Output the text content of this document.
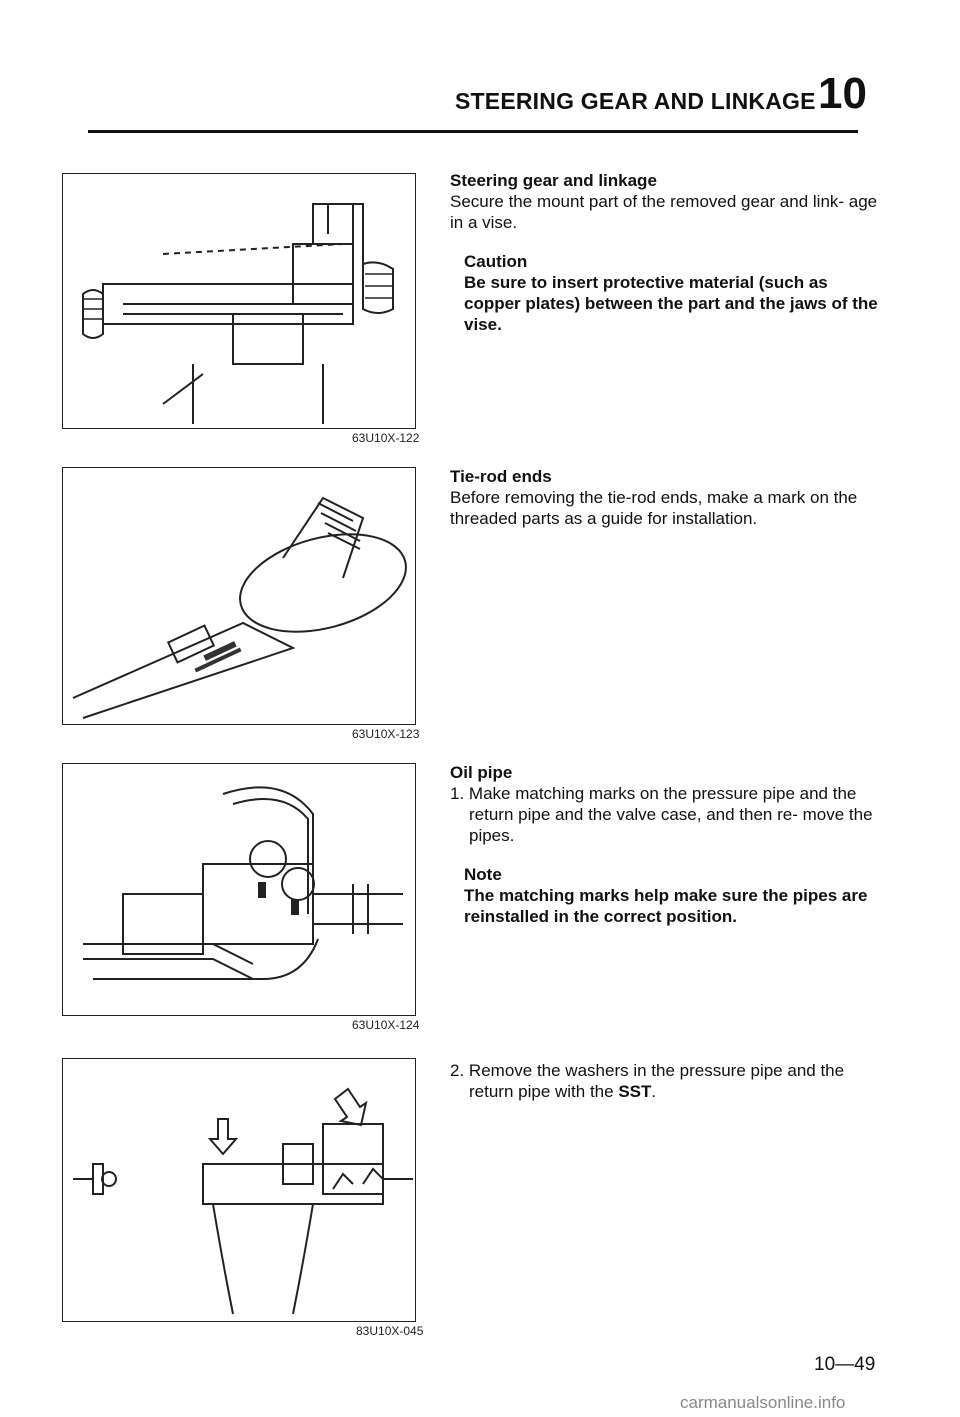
STEERING GEAR AND LINKAGE 10
63U10X-122
63U10X-123
63U10X-124
83U10X-045
Steering gear and linkage
Secure the mount part of the removed gear and link- age in a vise.
Caution
Be sure to insert protective material (such as copper plates) between the part and the jaws of the vise.
Tie-rod ends
Before removing the tie-rod ends, make a mark on the threaded parts as a guide for installation.
Oil pipe
1. Make matching marks on the pressure pipe and the return pipe and the valve case, and then re- move the pipes.
Note
The matching marks help make sure the pipes are reinstalled in the correct position.
2. Remove the washers in the pressure pipe and the return pipe with the SST.
10—49
carmanualsonline.info
